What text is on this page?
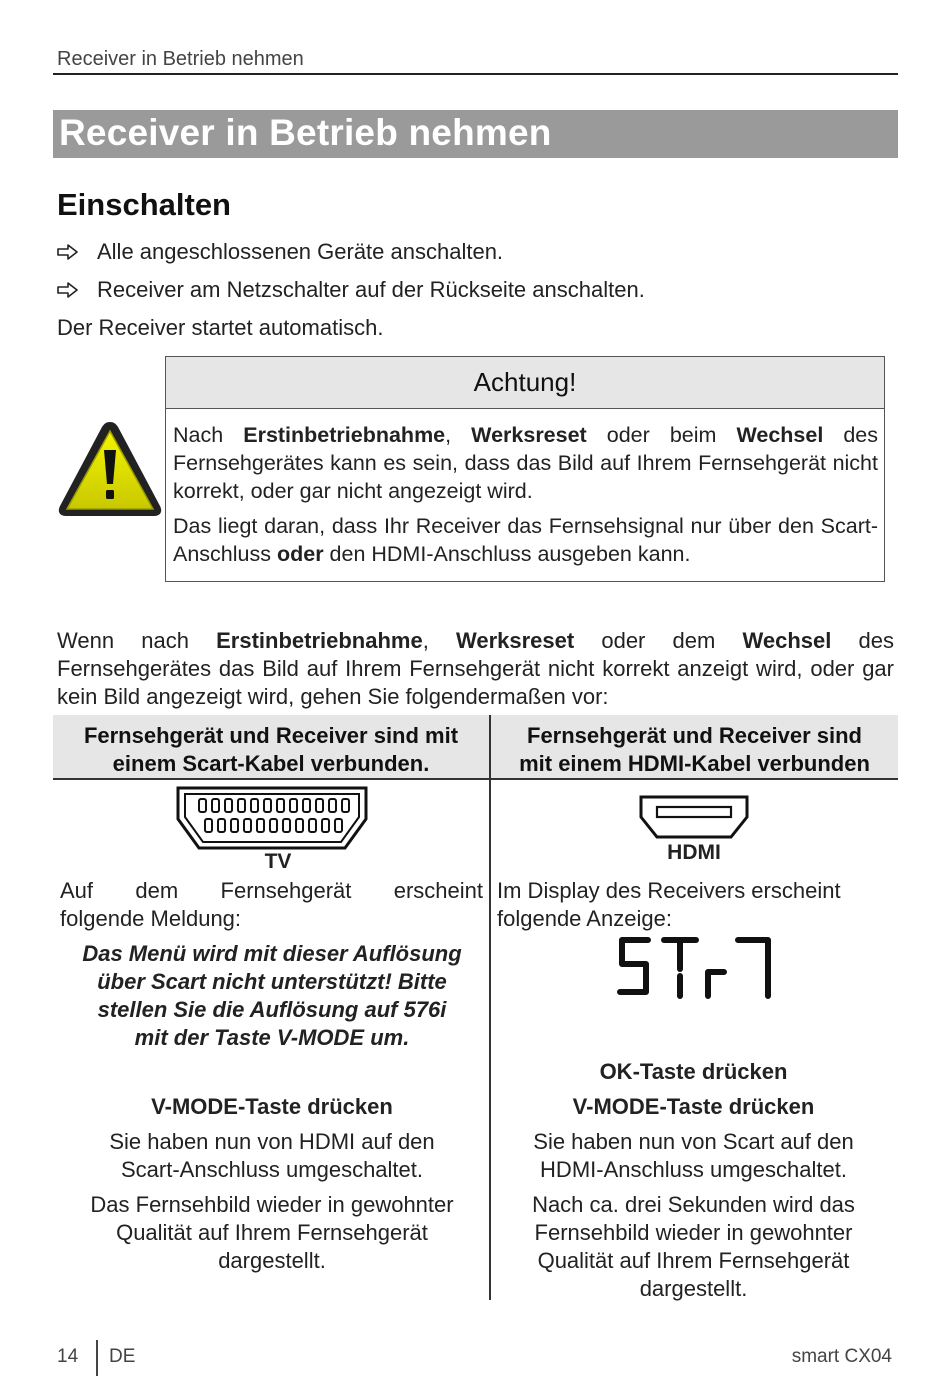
Receiver in Betrieb nehmen
Receiver in Betrieb nehmen
Einschalten
Alle angeschlossenen Geräte anschalten.
Receiver am Netzschalter auf der Rückseite anschalten.
Der Receiver startet automatisch.
Achtung!

Nach Erstinbetriebnahme, Werksreset oder beim Wechsel des Fernsehgerätes kann es sein, dass das Bild auf Ihrem Fernsehgerät nicht korrekt, oder gar nicht angezeigt wird.

Das liegt daran, dass Ihr Receiver das Fernsehsignal nur über den Scart-Anschluss oder den HDMI-Anschluss ausgeben kann.

Wenn nach Erstinbetriebnahme, Werksreset oder dem Wechsel des Fernsehgerätes das Bild auf Ihrem Fernsehgerät nicht korrekt anzeigt wird, oder gar kein Bild angezeigt wird, gehen Sie folgendermaßen vor:
Fernsehgerät und Receiver sind mit
einem Scart-Kabel verbunden.
Fernsehgerät und Receiver sind
mit einem HDMI-Kabel verbunden
TV
Auf dem Fernsehgerät erscheint
folgende Meldung:
Das Menü wird mit dieser Auflösung
über Scart nicht unterstützt! Bitte
stellen Sie die Auflösung auf 576i
mit der Taste V-MODE um.
V-MODE-Taste drücken
Sie haben nun von HDMI auf den
Scart-Anschluss umgeschaltet.
Das Fernsehbild wieder in gewohnter
Qualität auf Ihrem Fernsehgerät
dargestellt.
HDMI
Im Display des Receivers erscheint
folgende Anzeige:
OK-Taste drücken
V-MODE-Taste drücken
Sie haben nun von Scart auf den
HDMI-Anschluss umgeschaltet.
Nach ca. drei Sekunden wird das
Fernsehbild wieder in gewohnter
Qualität auf Ihrem Fernsehgerät
dargestellt.
14 DE	smart CX04
